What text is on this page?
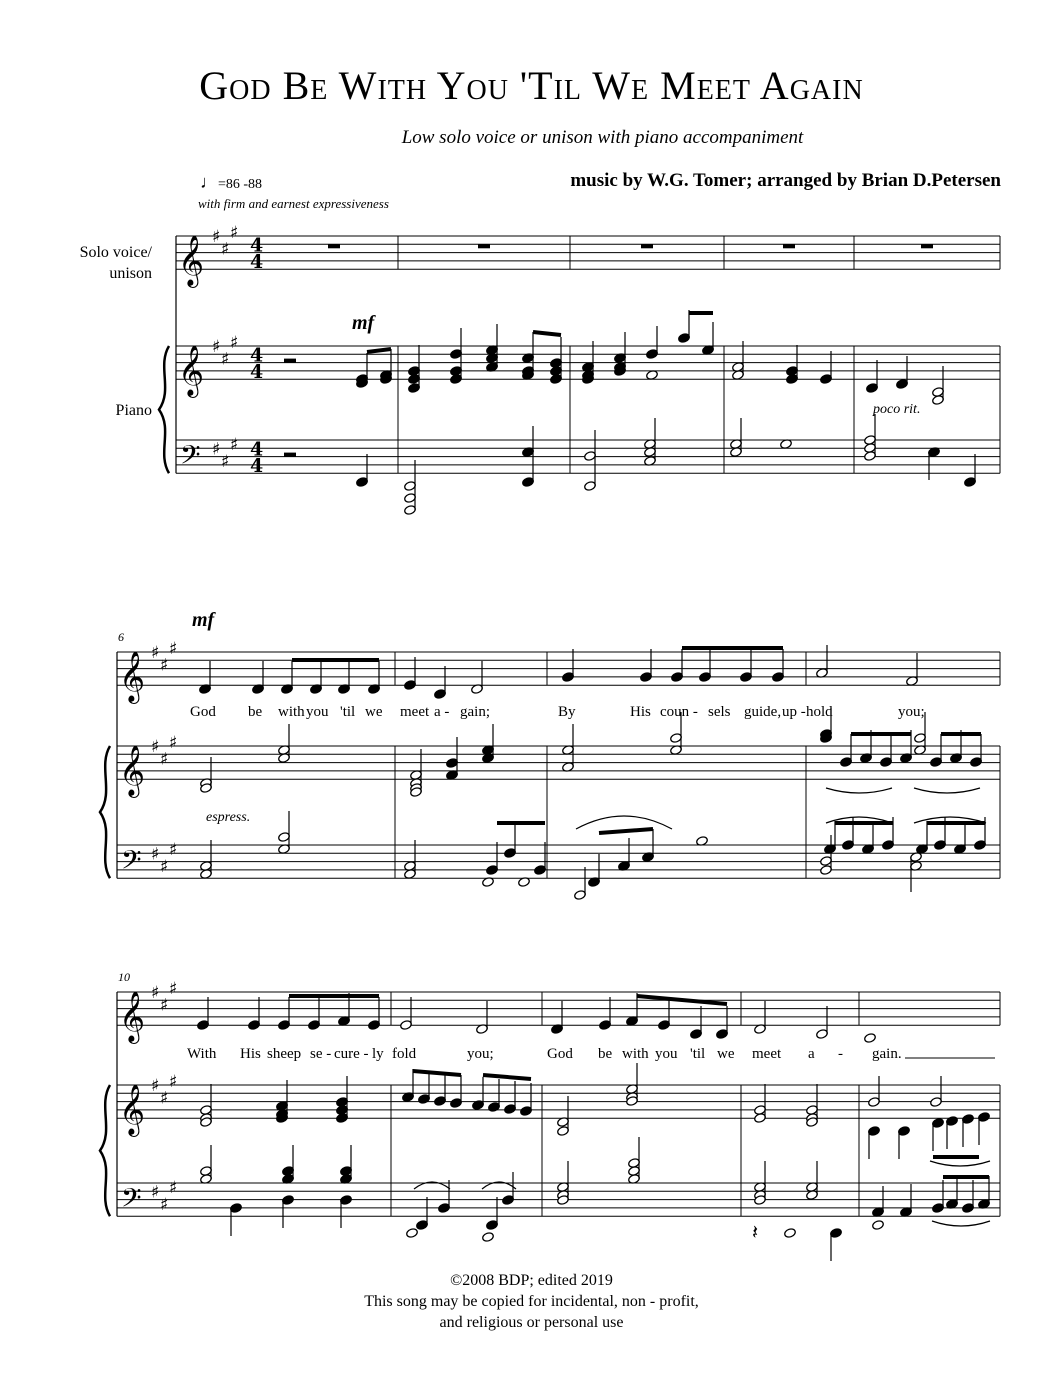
God Be With You 'Til We Meet Again
Low solo voice or unison with piano accompaniment
music by W.G. Tomer; arranged by Brian D.Petersen
♩=86 -88
with firm and earnest expressiveness
Solo voice/ unison
Piano
mf
poco rit.
6
mf
espress.
God be with you 'til we meet a - gain;	By	His coun - sels guide, up - hold	you;
10
With His sheep se - cure - ly fold	you;	God be with you 'til we meet a - gain.
©2008 BDP; edited 2019
This song may be copied for incidental, non - profit,
and religious or personal use
𝄞 ♯
♯
♯
4
4
𝄞 ♯
♯
♯
4
4
𝄢 ♯
♯
♯ 4
4
𝄞 ♯
♯
♯
𝄞 ♯
♯
♯
𝄢 ♯
♯
♯
𝄞 ♯
♯
♯
𝄞 ♯
♯
♯
𝄢 ♯
♯
♯
𝄽
